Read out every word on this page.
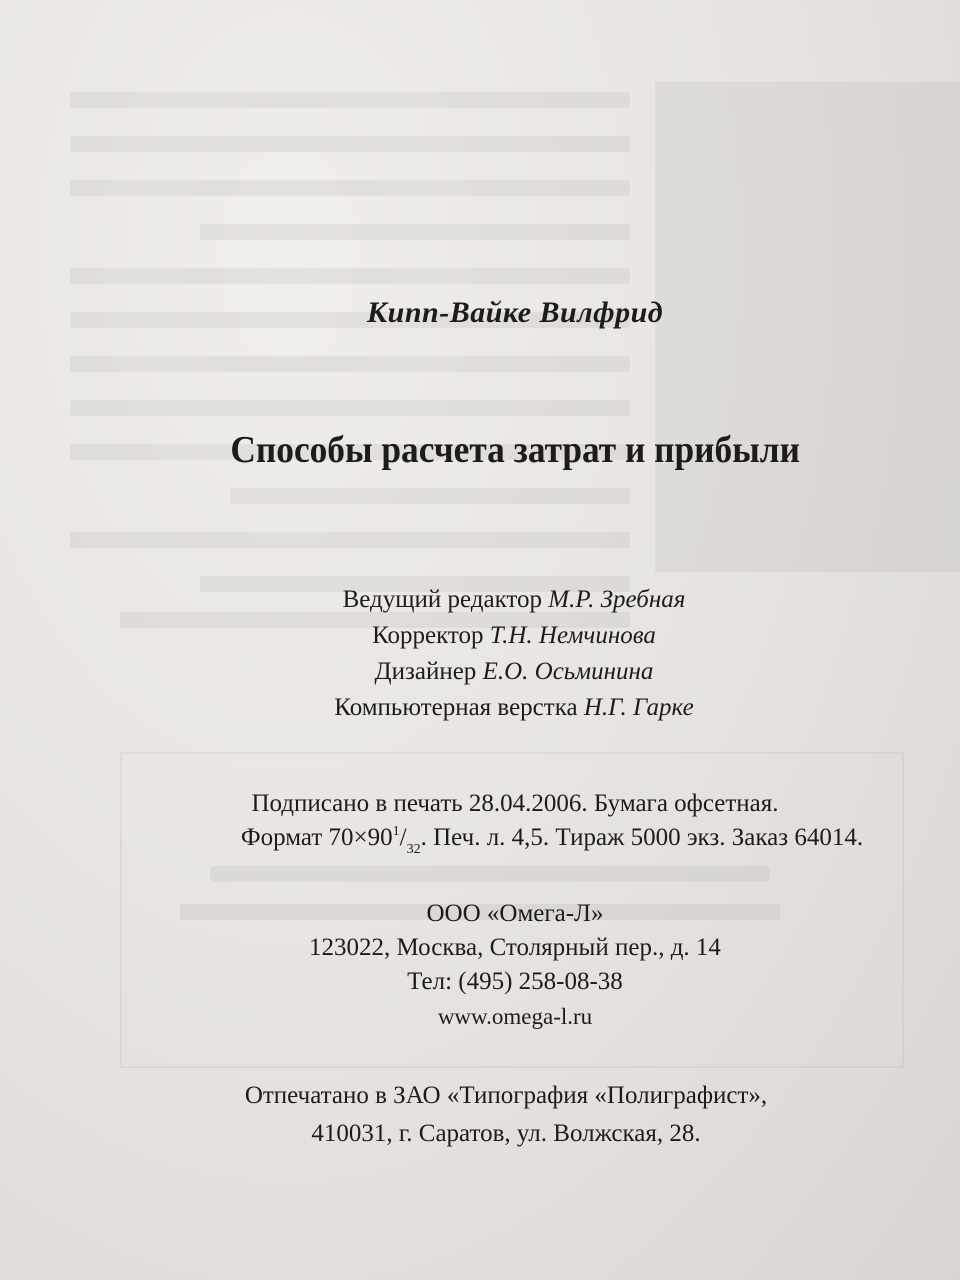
Кипп-Вайке Вилфрид
Способы расчета затрат и прибыли
Ведущий редактор М.Р. Зребная
Корректор Т.Н. Немчинова
Дизайнер Е.О. Осьминина
Компьютерная верстка Н.Г. Гарке
Подписано в печать 28.04.2006. Бумага офсетная.
Формат $70\times 90^1/_{32}$. Печ. л. 4,5. Тираж 5000 экз. Заказ 64014.
ООО «Омега-Л»
123022, Москва, Столярный пер., д. 14
Тел: (495) 258-08-38
www.omega-l.ru
Отпечатано в ЗАО «Типография «Полиграфист»,
410031, г. Саратов, ул. Волжская, 28.
